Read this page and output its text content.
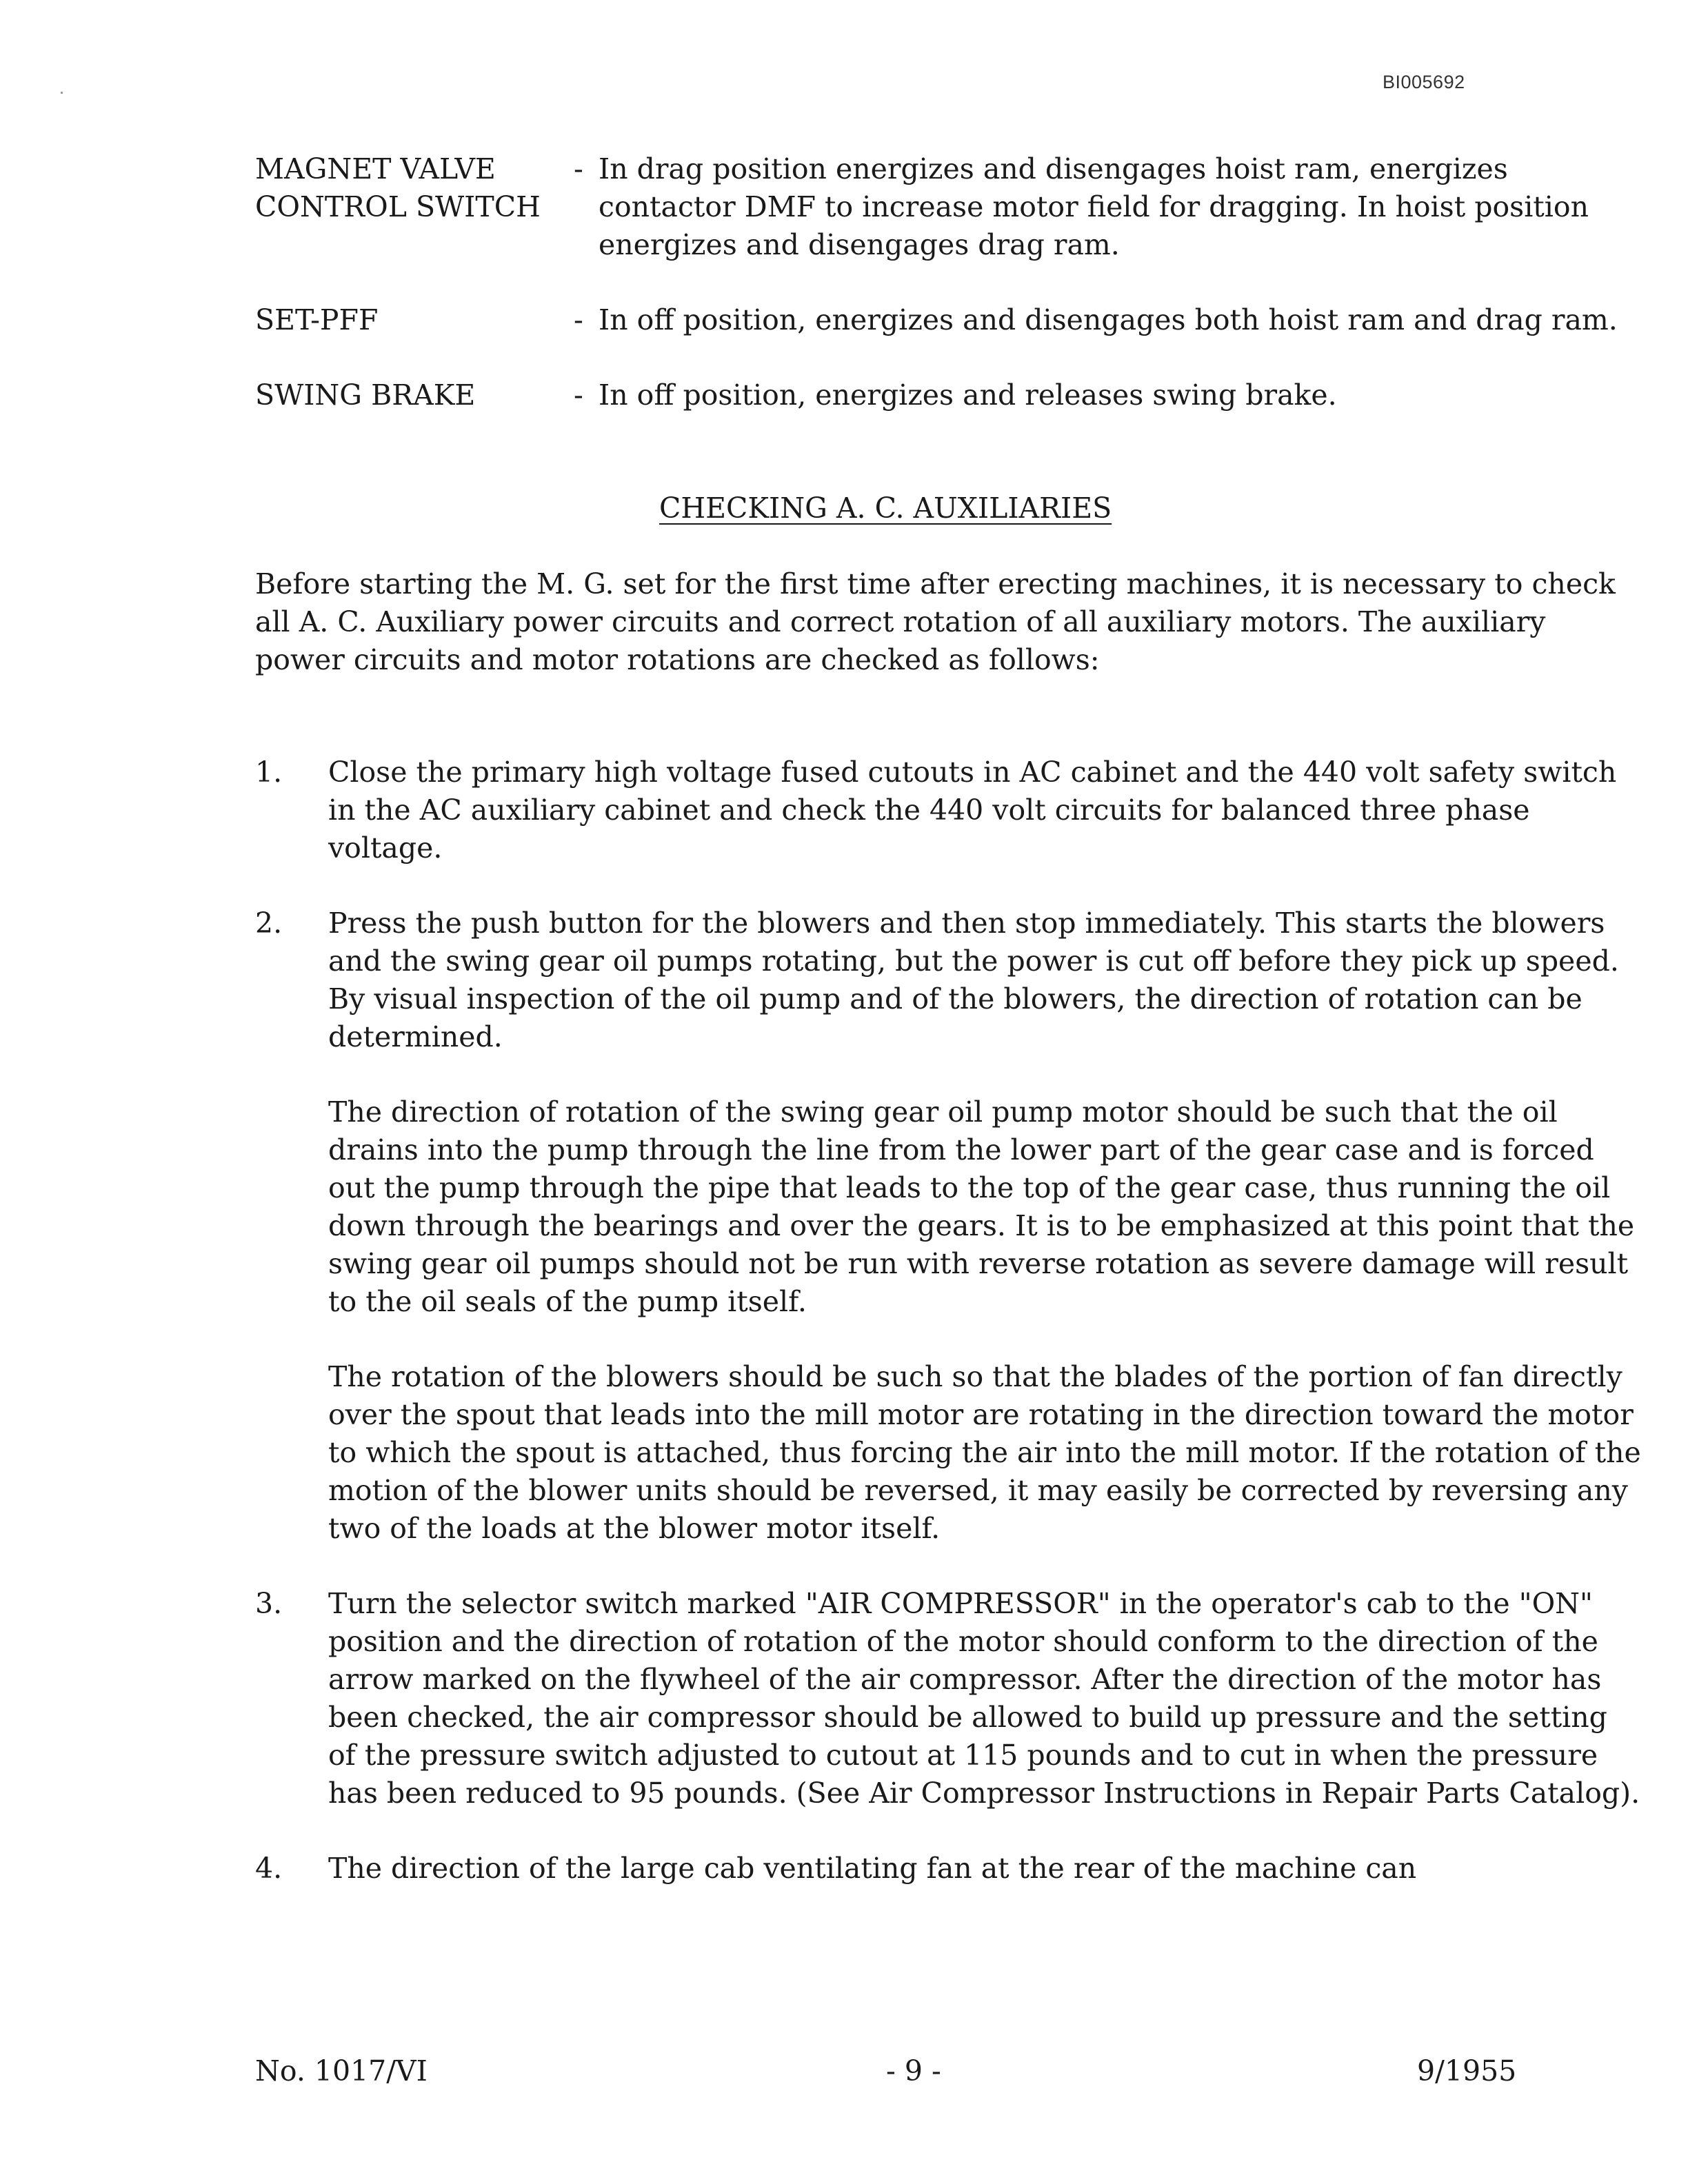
BI005692
MAGNET VALVE
CONTROL SWITCH
- In drag position energizes and disengages hoist ram, energizes contactor DMF to increase motor field for dragging. In hoist position energizes and disengages drag ram.
SET-PFF	- In off position, energizes and disengages both hoist ram and drag ram.
SWING BRAKE	- In off position, energizes and releases swing brake.
CHECKING A. C. AUXILIARIES

Before starting the M. G. set for the first time after erecting machines, it is necessary to check all A. C. Auxiliary power circuits and correct rotation of all auxiliary motors. The auxiliary power circuits and motor rotations are checked as follows:

1.	Close the primary high voltage fused cutouts in AC cabinet and the 440 volt safety switch in the AC auxiliary cabinet and check the 440 volt circuits for balanced three phase voltage.

2.	Press the push button for the blowers and then stop immediately. This starts the blowers and the swing gear oil pumps rotating, but the power is cut off before they pick up speed. By visual inspection of the oil pump and of the blowers, the direction of rotation can be determined.

The direction of rotation of the swing gear oil pump motor should be such that the oil drains into the pump through the line from the lower part of the gear case and is forced out the pump through the pipe that leads to the top of the gear case, thus running the oil down through the bearings and over the gears. It is to be emphasized at this point that the swing gear oil pumps should not be run with reverse rotation as severe damage will result to the oil seals of the pump itself.

The rotation of the blowers should be such so that the blades of the portion of fan directly over the spout that leads into the mill motor are rotating in the direction toward the motor to which the spout is attached, thus forcing the air into the mill motor. If the rotation of the motion of the blower units should be reversed, it may easily be corrected by reversing any two of the loads at the blower motor itself.

3.	Turn the selector switch marked "AIR COMPRESSOR" in the operator's cab to the "ON" position and the direction of rotation of the motor should conform to the direction of the arrow marked on the flywheel of the air compressor. After the direction of the motor has been checked, the air compressor should be allowed to build up pressure and the setting of the pressure switch adjusted to cutout at 115 pounds and to cut in when the pressure has been reduced to 95 pounds. (See Air Compressor Instructions in Repair Parts Catalog).

4.	The direction of the large cab ventilating fan at the rear of the machine can

No. 1017/VI	- 9 -	9/1955
